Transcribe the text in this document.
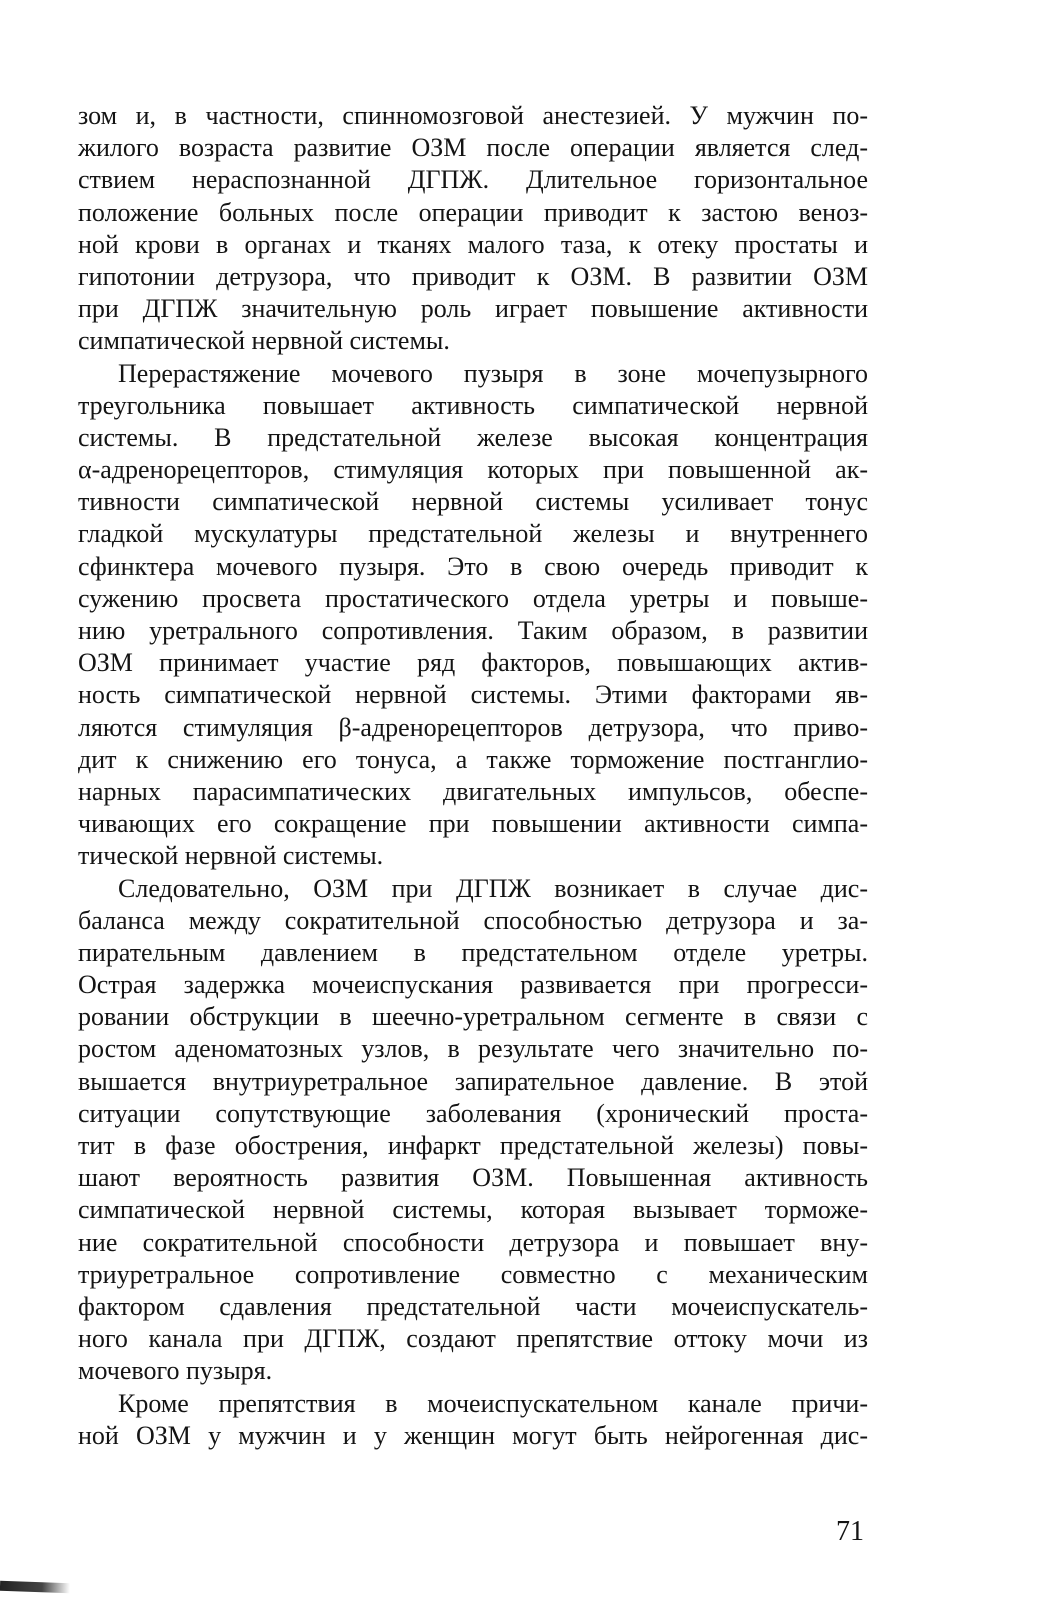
зом и, в частности, спинномозговой анестезией. У мужчин по-
жилого возраста развитие ОЗМ после операции является след-
ствием нераспознанной ДГПЖ. Длительное горизонтальное
положение больных после операции приводит к застою веноз-
ной крови в органах и тканях малого таза, к отеку простаты и
гипотонии детрузора, что приводит к ОЗМ. В развитии ОЗМ
при ДГПЖ значительную роль играет повышение активности
симпатической нервной системы.
Перерастяжение мочевого пузыря в зоне мочепузырного
треугольника повышает активность симпатической нервной
системы. В предстательной железе высокая концентрация
α-адренорецепторов, стимуляция которых при повышенной ак-
тивности симпатической нервной системы усиливает тонус
гладкой мускулатуры предстательной железы и внутреннего
сфинктера мочевого пузыря. Это в свою очередь приводит к
сужению просвета простатического отдела уретры и повыше-
нию уретрального сопротивления. Таким образом, в развитии
ОЗМ принимает участие ряд факторов, повышающих актив-
ность симпатической нервной системы. Этими факторами яв-
ляются стимуляция β-адренорецепторов детрузора, что приво-
дит к снижению его тонуса, а также торможение постганглио-
нарных парасимпатических двигательных импульсов, обеспе-
чивающих его сокращение при повышении активности симпа-
тической нервной системы.
Следовательно, ОЗМ при ДГПЖ возникает в случае дис-
баланса между сократительной способностью детрузора и за-
пирательным давлением в предстательном отделе уретры.
Острая задержка мочеиспускания развивается при прогресси-
ровании обструкции в шеечно-уретральном сегменте в связи с
ростом аденоматозных узлов, в результате чего значительно по-
вышается внутриуретральное запирательное давление. В этой
ситуации сопутствующие заболевания (хронический проста-
тит в фазе обострения, инфаркт предстательной железы) повы-
шают вероятность развития ОЗМ. Повышенная активность
симпатической нервной системы, которая вызывает торможе-
ние сократительной способности детрузора и повышает вну-
триуретральное сопротивление совместно с механическим
фактором сдавления предстательной части мочеиспускатель-
ного канала при ДГПЖ, создают препятствие оттоку мочи из
мочевого пузыря.
Кроме препятствия в мочеиспускательном канале причи-
ной ОЗМ у мужчин и у женщин могут быть нейрогенная дис-

71
